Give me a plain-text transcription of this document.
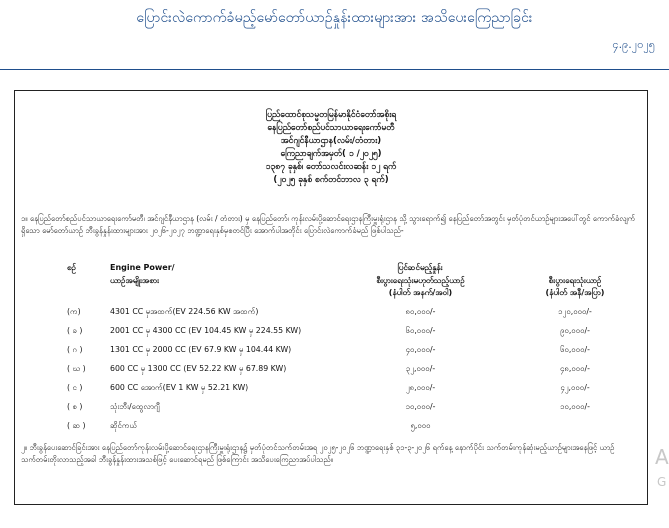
ပြောင်းလဲကောက်ခံမည့်မော်တော်ယာဉ်နှုန်းထားများအား အသိပေးကြေညာခြင်း
၄.၉.၂၀၂၅
ပြည်ထောင်စုသမ္မတမြန်မာနိုင်ငံတော်အစိုးရ
နေပြည်တော်စည်ပင်သာယာရေးကော်မတီ
အင်ဂျင်နီယာဌာန(လမ်း/တံတား)
ကြေညာချက်အမှတ်( ၁ /၂၀၂၅)
၁၃၈၇ ခုနှစ်၊ တော်သလင်းလဆန်း ၁၂ ရက်
(၂၀၂၅ ခုနှစ် စက်တင်ဘာလ ၃ ရက်)
၁။ နေပြည်တော်စည်ပင်သာယာရေးကော်မတီ၊ အင်ဂျင်နီယာဌာန (လမ်း / တံတား) မှ နေပြည်တော်၊ ကုန်းလမ်းပို့ဆောင်ရေးဌာနကြီးမှူးရုံးဌာန သို့ သွားရောက်၍ နေပြည်တော်အတွင်း မှတ်ပုံတင်ယာဉ်များအပေါ်တွင် ကောက်ခံလျက်ရှိသော မော်တော်ယာဉ် ဘီးခွန်နှုန်းထားများအား ၂၀၂၆-၂၀၂၇ ဘဏ္ဍာရေးနှစ်မှစတင်ပြီး အောက်ပါအတိုင်း ပြောင်းလဲကောက်ခံမည် ဖြစ်ပါသည်-
စဉ်	Engine Power/
ယာဉ်အမျိုးအစား
ပြင်ဆင်မည့်နှုန်း
စီးပွားရေးသုံးမဟုတ်သည့်ယာဉ်
(နံပါတ် အနက်/အဝါ)
စီးပွားရေးသုံးယာဉ်
(နံပါတ် အနီ/အပြာ)
(က)	4301 CC မှအထက်(EV 224.56 KW အထက်)	၈၀,၀၀၀/-	၁၂၀,၀၀၀/-
( ခ )	2001 CC မှ 4300 CC (EV 104.45 KW မှ 224.55 KW)	၆၀,၀၀၀/-	၉၀,၀၀၀/-
( ဂ )	1301 CC မှ 2000 CC (EV 67.9 KW မှ 104.44 KW)	၄၀,၀၀၀/-	၆၀,၀၀၀/-
( ဃ )	600 CC မှ 1300 CC (EV 52.22 KW မှ 67.89 KW)	၃၂,၀၀၀/-	၄၈,၀၀၀/-
( င )	600 CC အောက်(EV 1 KW မှ 52.21 KW)	၂၈,၀၀၀/-	၄၂,၀၀၀/-
( စ )	သုံးဘီး/ထွေလာဂျီ	၁၀,၀၀၀/-	၁၀,၀၀၀/-
( ဆ )	ဆိုင်ကယ်	၅,၀၀၀
၂။ ဘီးခွန်ပေးဆောင်ခြင်းအား နေပြည်တော်ကုန်းလမ်းပို့ဆောင်ရေးဌာနကြီးမှူးရုံးဌာန၌ မှတ်ပုံတင်သက်တမ်းအရ ၂၀၂၅-၂၀၂၆ ဘဏ္ဍာရေးနှစ် ၃၁-၃-၂၀၂၆ ရက်နေ့ နောက်ပိုင်း သက်တမ်းကုန်ဆုံးမည့်ယာဉ်များအနေဖြင့် ယာဉ်သက်တမ်းတိုးလာသည့်အခါ ဘီးခွန်နှုန်းထားအသစ်ဖြင့် ပေးဆောင်ရမည် ဖြစ်ကြောင်း အသိပေးကြေညာအပ်ပါသည်။	A
G
